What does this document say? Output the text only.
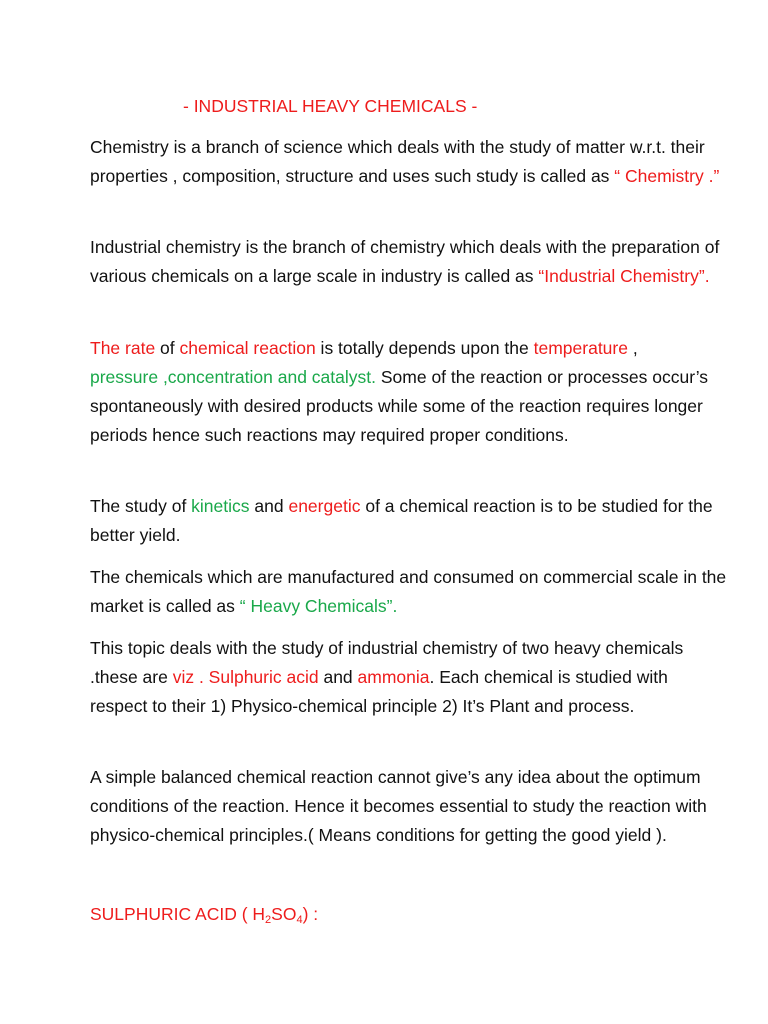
- INDUSTRIAL HEAVY CHEMICALS -

Chemistry is a branch of science which deals with the study of matter w.r.t. their properties , composition, structure and uses such study is called as “ Chemistry .”

Industrial chemistry is the branch of chemistry which deals with the preparation of various chemicals on a large scale in industry is called as “Industrial Chemistry”.

The rate of chemical reaction is totally depends upon the temperature ,
pressure ,concentration and catalyst. Some of the reaction or processes occur’s spontaneously with desired products while some of the reaction requires longer periods hence such reactions may required proper conditions.

The study of kinetics and energetic of a chemical reaction is to be studied for the better yield.

The chemicals which are manufactured and consumed on commercial scale in the market is called as “ Heavy Chemicals”.

This topic deals with the study of industrial chemistry of two heavy chemicals .these are viz . Sulphuric acid and ammonia. Each chemical is studied with respect to their 1) Physico-chemical principle 2) It’s Plant and process.

A simple balanced chemical reaction cannot give’s any idea about the optimum conditions of the reaction. Hence it becomes essential to study the reaction with physico-chemical principles.( Means conditions for getting the good yield ).

SULPHURIC ACID ( $H_2SO_4$) :
